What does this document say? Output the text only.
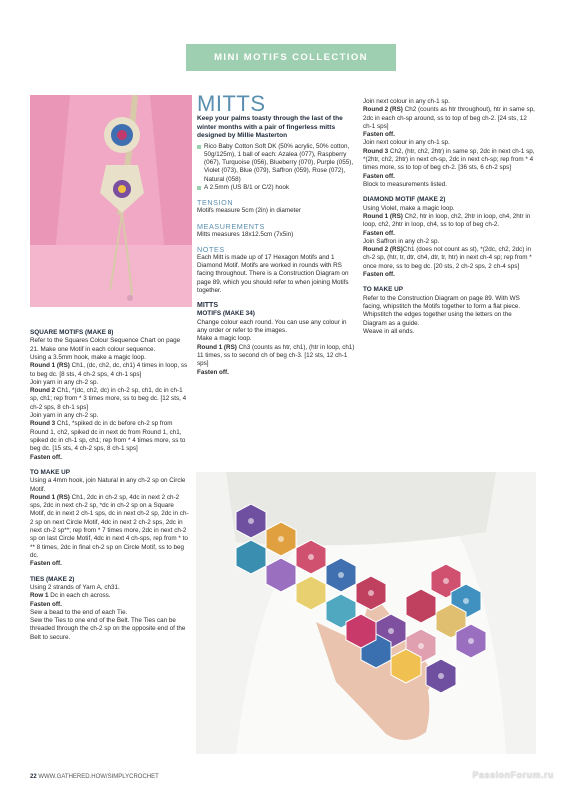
MINI MOTIFS COLLECTION
SQUARE MOTIFS (MAKE 8)

Refer to the Squares Colour Sequence Chart on page 21. Make one Motif in each colour sequence.

Using a 3.5mm hook, make a magic loop.

Round 1 (RS) Ch1, (dc, ch2, dc, ch1) 4 times in loop, ss to beg dc. [8 sts, 4 ch-2 sps, 4 ch-1 sps]

Join yarn in any ch-2 sp.

Round 2 Ch1, *(dc, ch2, dc) in ch-2 sp, ch1, dc in ch-1 sp, ch1; rep from * 3 times more, ss to beg dc. [12 sts, 4 ch-2 sps, 8 ch-1 sps]

Join yarn in any ch-2 sp.

Round 3 Ch1, *spiked dc in dc before ch-2 sp from Round 1, ch2, spiked dc in next dc from Round 1, ch1, spiked dc in ch-1 sp, ch1; rep from * 4 times more, ss to beg dc. [15 sts, 4 ch-2 sps, 8 ch-1 sps]

Fasten off.

TO MAKE UP

Using a 4mm hook, join Natural in any ch-2 sp on Circle Motif.

Round 1 (RS) Ch1, 2dc in ch-2 sp, 4dc in next 2 ch-2 sps, 2dc in next ch-2 sp, *dc in ch-2 sp on a Square Motif, dc in next 2 ch-1 sps, dc in next ch-2 sp, 2dc in ch-2 sp on next Circle Motif, 4dc in next 2 ch-2 sps, 2dc in next ch-2 sp**; rep from * 7 times more, 2dc in next ch-2 sp on last Circle Motif, 4dc in next 4 ch-sps, rep from * to ** 8 times, 2dc in final ch-2 sp on Circle Motif, ss to beg dc.

Fasten off.

TIES (MAKE 2)

Using 2 strands of Yarn A, ch31.

Row 1 Dc in each ch across.

Fasten off.

Sew a bead to the end of each Tie.

Sew the Ties to one end of the Belt. The Ties can be threaded through the ch-2 sp on the opposite end of the Belt to secure.

MITTS

Keep your palms toasty through the last of the winter months with a pair of fingerless mitts designed by Millie Masterton

Rico Baby Cotton Soft DK (50% acrylic, 50% cotton, 50g/125m), 1 ball of each: Azalea (077), Raspberry (067), Turquoise (056), Blueberry (070), Purple (055), Violet (073), Blue (079), Saffron (059), Rose (072), Natural (058)

A 2.5mm (US B/1 or C/2) hook

TENSION

Motifs measure 5cm (2in) in diameter

MEASUREMENTS

Mitts measures 18x12.5cm (7x5in)

NOTES

Each Mitt is made up of 17 Hexagon Motifs and 1 Diamond Motif. Motifs are worked in rounds with RS facing throughout. There is a Construction Diagram on page 89, which you should refer to when joining Motifs together.

MITTS
MOTIFS (MAKE 34)

Change colour each round. You can use any colour in any order or refer to the images.

Make a magic loop.

Round 1 (RS) Ch3 (counts as htr, ch1), (htr in loop, ch1) 11 times, ss to second ch of beg ch-3. [12 sts, 12 ch-1 sps]

Fasten off.

Join next colour in any ch-1 sp.

Round 2 (RS) Ch2 (counts as htr throughout), htr in same sp, 2dc in each ch-sp around, ss to top of beg ch-2. [24 sts, 12 ch-1 sps]

Fasten off.

Join next colour in any ch-1 sp.

Round 3 Ch2, (htr, ch2, 2htr) in same sp, 2dc in next ch-1 sp, *(2htr, ch2, 2htr) in next ch-sp, 2dc in next ch-sp; rep from * 4 times more, ss to top of beg ch-2. [36 sts, 6 ch-2 sps]

Fasten off.

Block to measurements listed.

DIAMOND MOTIF (MAKE 2)

Using Violet, make a magic loop.

Round 1 (RS) Ch2, htr in loop, ch2, 2htr in loop, ch4, 2htr in loop, ch2, 2htr in loop, ch4, ss to top of beg ch-2.

Fasten off.

Join Saffron in any ch-2 sp.

Round 2 (RS)Ch1 (does not count as st), *(2dc, ch2, 2dc) in ch-2 sp, (htr, tr, dtr, ch4, dtr, tr, htr) in next ch-4 sp; rep from * once more, ss to beg dc. [20 sts, 2 ch-2 sps, 2 ch-4 sps]

Fasten off.

TO MAKE UP

Refer to the Construction Diagram on page 89. With WS facing, whipstitch the Motifs together to form a flat piece.

Whipstitch the edges together using the letters on the Diagram as a guide.

Weave in all ends.

22 WWW.GATHERED.HOW/SIMPLYCROCHET	PassionForum.ru
